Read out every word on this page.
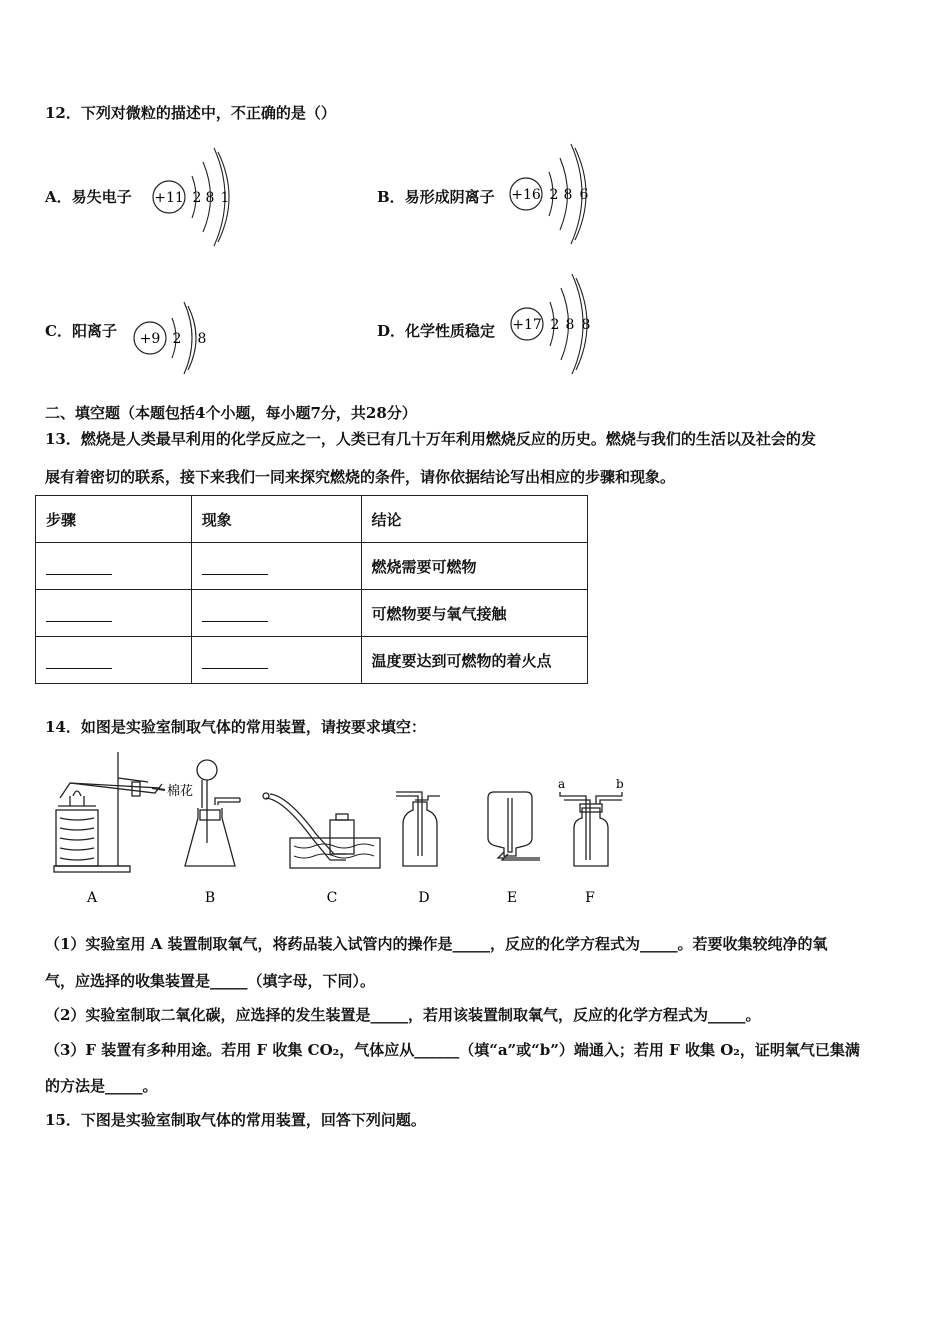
12．下列对微粒的描述中，不正确的是（）
A．易失电子 +11 2 8 1	B．易形成阴离子 +16 2 8 6
C．阳离子 +9 2 8	D．化学性质稳定 +17 2 8 8
二、填空题（本题包括4个小题，每小题7分，共28分）
13．燃烧是人类最早利用的化学反应之一，人类已有几十万年利用燃烧反应的历史。燃烧与我们的生活以及社会的发
展有着密切的联系，接下来我们一同来探究燃烧的条件，请你依据结论写出相应的步骤和现象。
步骤	现象	结论
		燃烧需要可燃物
		可燃物要与氧气接触
		温度要达到可燃物的着火点
14．如图是实验室制取气体的常用装置，请按要求填空：
棉花	a	b
A	B	C	D	E	F
（1）实验室用 A 装置制取氧气，将药品装入试管内的操作是_____，反应的化学方程式为_____。若要收集较纯净的氧
气，应选择的收集装置是_____（填字母，下同）。
（2）实验室制取二氧化碳，应选择的发生装置是_____，若用该装置制取氧气，反应的化学方程式为_____。
（3）F 装置有多种用途。若用 F 收集 CO₂，气体应从______（填“a”或“b”）端通入；若用 F 收集 O₂，证明氧气已集满
的方法是_____。
15．下图是实验室制取气体的常用装置，回答下列问题。
